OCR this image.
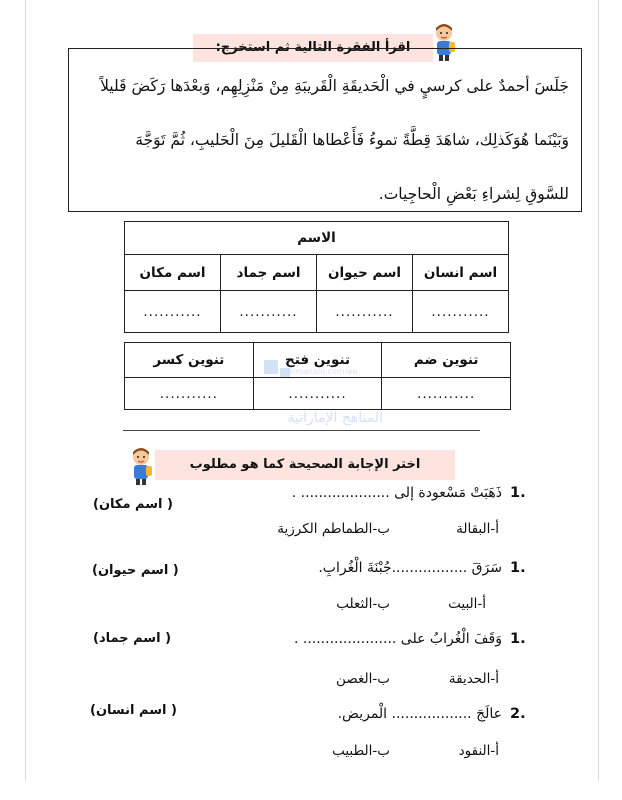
اقرأ الفقرة التالية ثم استخرج:
جَلَسَ أحمدٌ على كرسيٍ في الْحَديقَةِ الْقَريبَةِ مِنْ مَنْزِلِهِم، وَبعْدَها رَكَضَ قَليلاً
وَبَيْنَما هُوَكَذلِك، شاهَدَ قِطَّةً تموءُ فَأَعْطاها الْقَليلَ مِنَ الْحَليبِ، ثُمَّ تَوَجَّهَ
للسَّوقِ لِشراءِ بَعْضِ الْحاجِيات.
الاسم			
اسم انسان	اسم حيوان	اسم جماد	اسم مكان
...........	...........	...........	...........
almanahj.com/ae
المناهج الإماراتية
تنوين ضم	تنوين فتح	تنوين كسر
...........	...........	...........
اختر الإجابة الصحيحة كما هو مطلوب
1.
ذَهَبَتْ مَسْعودة إلى .................... .
( اسم مكان)
أ-البقالة
ب-الطماطم الكرزية
1.
سَرَقَ .................جُبْنَةَ الْغُرابِ.
( اسم حيوان)
أ-البيت
ب-الثعلب
1.
وَقَفَ الْغُرابُ على ..................... .
( اسم جماد)
أ-الحديقة
ب-الغصن
2.
عالَجَ .................. الْمريض.
( اسم انسان)
أ-النقود
ب-الطبيب
